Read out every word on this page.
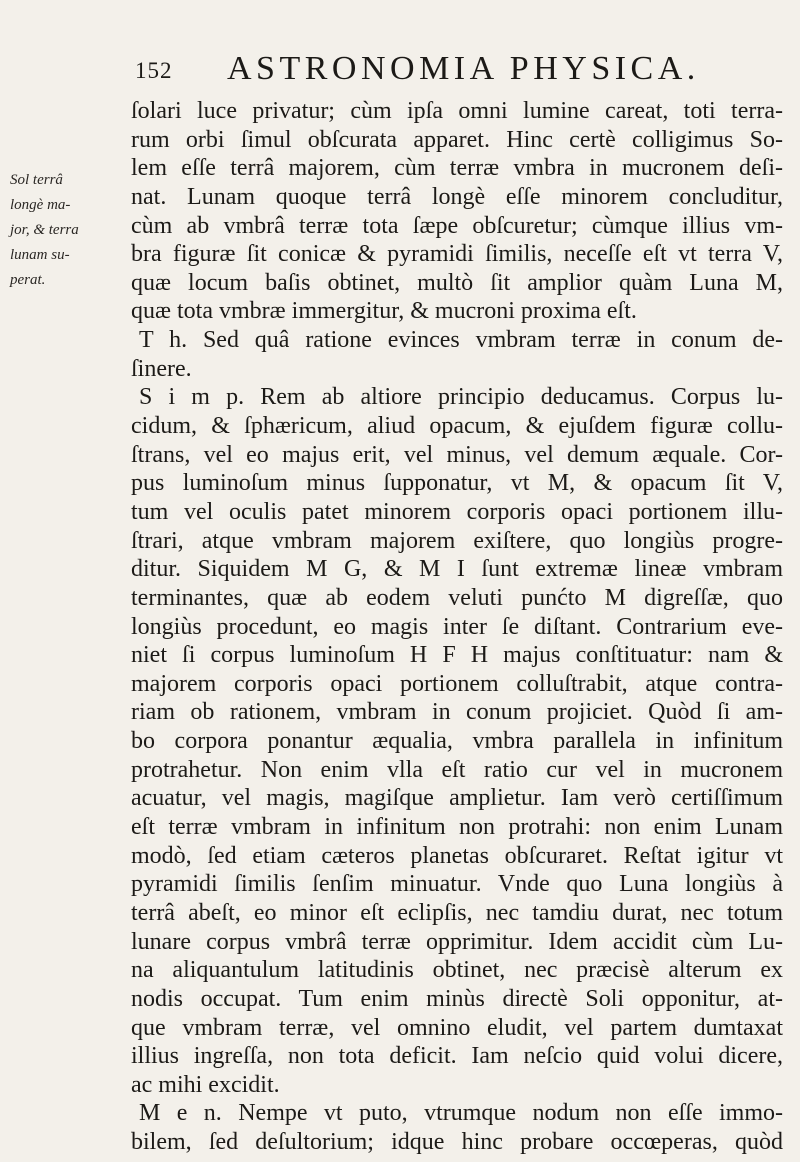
152 ASTRONOMIA PHYSICA.
Sol terrâ
longè ma-
jor, & terra
lunam su-
perat.
ſolari luce privatur; cùm ipſa omni lumine careat, toti terra-
rum orbi ſimul obſcurata apparet. Hinc certè colligimus So-
lem eſſe terrâ majorem, cùm terræ vmbra in mucronem deſi-
nat. Lunam quoque terrâ longè eſſe minorem concluditur,
cùm ab vmbrâ terræ tota ſæpe obſcuretur; cùmque illius vm-
bra figuræ ſit conicæ & pyramidi ſimilis, neceſſe eſt vt terra V,
quæ locum baſis obtinet, multò ſit amplior quàm Luna M,
quæ tota vmbræ immergitur, & mucroni proxima eſt.
T h. Sed quâ ratione evinces vmbram terræ in conum de-
ſinere.
S i m p. Rem ab altiore principio deducamus. Corpus lu-
cidum, & ſphæricum, aliud opacum, & ejuſdem figuræ collu-
ſtrans, vel eo majus erit, vel minus, vel demum æquale. Cor-
pus luminoſum minus ſupponatur, vt M, & opacum ſit V,
tum vel oculis patet minorem corporis opaci portionem illu-
ſtrari, atque vmbram majorem exiſtere, quo longiùs progre-
ditur. Siquidem M G, & M I ſunt extremæ lineæ vmbram
terminantes, quæ ab eodem veluti punćto M digreſſæ, quo
longiùs procedunt, eo magis inter ſe diſtant. Contrarium eve-
niet ſi corpus luminoſum H F H majus conſtituatur: nam &
majorem corporis opaci portionem colluſtrabit, atque contra-
riam ob rationem, vmbram in conum projiciet. Quòd ſi am-
bo corpora ponantur æqualia, vmbra parallela in infinitum
protrahetur. Non enim vlla eſt ratio cur vel in mucronem
acuatur, vel magis, magiſque amplietur. Iam verò certiſſimum
eſt terræ vmbram in infinitum non protrahi: non enim Lunam
modò, ſed etiam cæteros planetas obſcuraret. Reſtat igitur vt
pyramidi ſimilis ſenſim minuatur. Vnde quo Luna longiùs à
terrâ abeſt, eo minor eſt eclipſis, nec tamdiu durat, nec totum
lunare corpus vmbrâ terræ opprimitur. Idem accidit cùm Lu-
na aliquantulum latitudinis obtinet, nec præcisè alterum ex
nodis occupat. Tum enim minùs directè Soli opponitur, at-
que vmbram terræ, vel omnino eludit, vel partem dumtaxat
illius ingreſſa, non tota deficit. Iam neſcio quid volui dicere,
ac mihi excidit.
M e n. Nempe vt puto, vtrumque nodum non eſſe immo-
bilem, ſed deſultorium; idque hinc probare occœperas, quòd
